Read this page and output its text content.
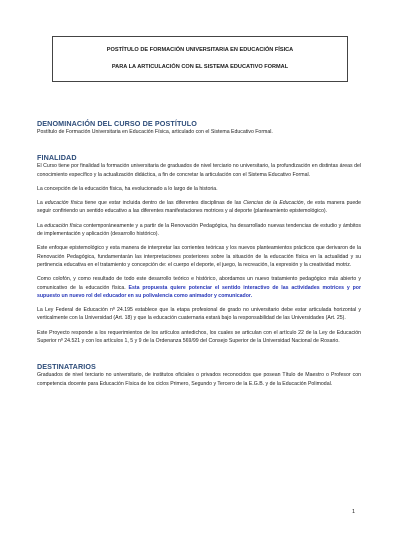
POSTÍTULO DE FORMACIÓN UNIVERSITARIA EN EDUCACIÓN FÍSICA
PARA LA ARTICULACIÓN CON EL SISTEMA EDUCATIVO FORMAL
DENOMINACIÓN DEL CURSO DE POSTÍTULO

Postítulo de Formación Universitaria en Educación Física, articulado con el Sistema Educativo Formal.

FINALIDAD

El Curso tiene por finalidad la formación universitaria de graduados de nivel terciario no universitario, la profundización en distintas áreas del conocimiento específico y la actualización didáctica, a fin de concretar la articulación con el Sistema Educativo Formal.

La concepción de la educación física, ha evolucionado a lo largo de la historia.

La educación física tiene que estar incluida dentro de las diferentes disciplinas de las Ciencias de la Educación, de esta manera puede seguir confiriendo un sentido educativo a las diferentes manifestaciones motrices y al deporte (planteamiento epistemológico).

La educación física contemporáneamente y a partir de la Renovación Pedagógica, ha desarrollado nuevas tendencias de estudio y ámbitos de implementación y aplicación (desarrollo histórico).

Este enfoque epistemológico y esta manera de interpretar las corrientes teóricas y los nuevos planteamientos prácticos que derivaron de la Renovación Pedagógica, fundamentarán las interpretaciones posteriores sobre la situación de la educación física en la actualidad y su pertinencia educativa en el tratamiento y concepción de: el cuerpo el deporte, el juego, la recreación, la expresión y la creatividad motriz.

Como colofón, y como resultado de todo este desarrollo teórico e histórico, abordamos un nuevo tratamiento pedagógico más abierto y comunicativo de la educación física. Esta propuesta quiere potenciar el sentido interactivo de las actividades motrices y por supuesto un nuevo rol del educador en su polivalencia como animador y comunicador.

La Ley Federal de Educación nº 24.195 establece que la etapa profesional de grado no universitario debe estar articulada horizontal y verticalmente con la Universidad (Art. 18) y que la educación cuaternaria estará bajo la responsabilidad de las Universidades (Art. 25).

Este Proyecto responde a los requerimientos de los artículos antedichos, los cuales se articulan con el artículo 22 de la Ley de Educación Superior nº 24.521 y con los artículos 1, 5 y 9 de la Ordenanza 569/99 del Consejo Superior de la Universidad Nacional de Rosario.

DESTINATARIOS

Graduados de nivel terciario no universitario, de institutos oficiales o privados reconocidos que posean Título de Maestro o Profesor con competencia docente para Educación Física de los ciclos Primero, Segundo y Tercero de la E.G.B. y de la Educación Polimodal.

1
